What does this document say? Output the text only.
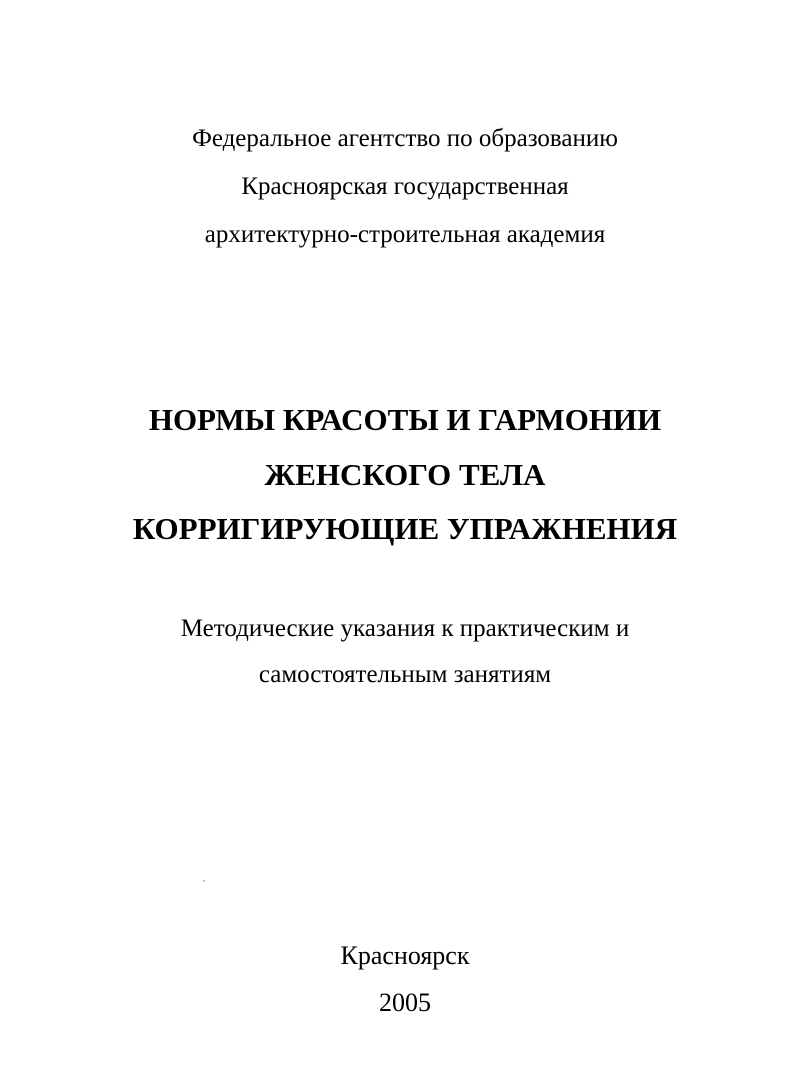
Федеральное агентство по образованию
Красноярская государственная
архитектурно-строительная академия
НОРМЫ КРАСОТЫ И ГАРМОНИИ
ЖЕНСКОГО ТЕЛА
КОРРИГИРУЮЩИЕ УПРАЖНЕНИЯ
Методические указания к практическим и
самостоятельным занятиям
Красноярск
2005
